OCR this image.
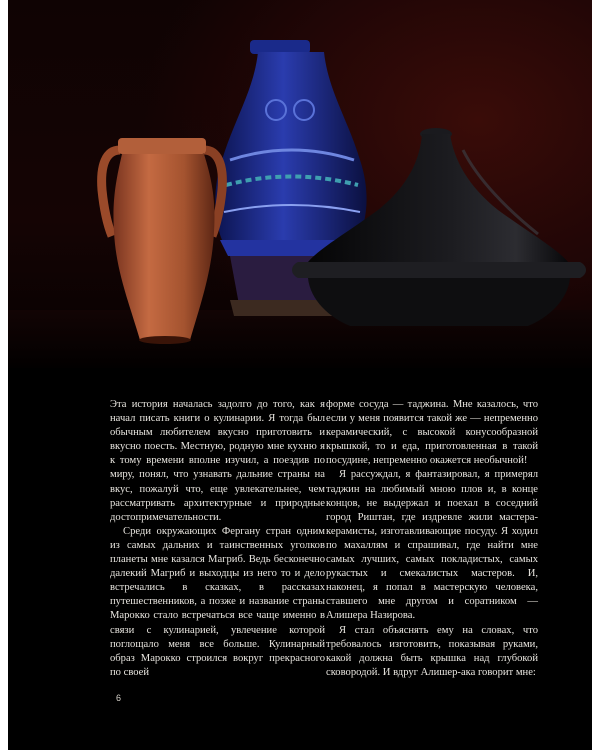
Эта история началась задолго до того, как я начал писать книги о кулинарии. Я тогда был обычным любителем вкусно приготовить и вкусно поесть. Местную, родную мне кухню я к тому времени вполне изучил, а поездив по миру, понял, что узнавать дальние страны на вкус, пожалуй что, еще увлекательнее, чем рассматривать архитектурные и природные достопримечательности.

Среди окружающих Фергану стран одним из самых дальних и таинственных уголков планеты мне казался Магриб. Ведь бесконечно далекий Магриб и выходцы из него то и дело встречались в сказках, в рассказах путешественников, а позже и название страны Марокко стало встречаться все чаще именно в связи с кулинарией, увлечение которой поглощало меня все больше. Кулинарный образ Марокко строился вокруг прекрасного по своей

форме сосуда — таджина. Мне казалось, что если у меня появится такой же — непременно керамический, с высокой конусообразной крышкой, то и еда, приготовленная в такой посудине, непременно окажется необычной!

Я рассуждал, я фантазировал, я примерял таджин на любимый мною плов и, в конце концов, не выдержал и поехал в соседний город Риштан, где издревле жили мастера-керамисты, изготавливающие посуду. Я ходил по махаллям и спрашивал, где найти мне самых лучших, самых покладистых, самых рукастых и смекалистых мастеров. И, наконец, я попал в мастерскую человека, ставшего мне другом и соратником — Алишера Назирова.

Я стал объяснять ему на словах, что требовалось изготовить, показывая руками, какой должна быть крышка над глубокой сковородой. И вдруг Алишер-ака говорит мне:

6
